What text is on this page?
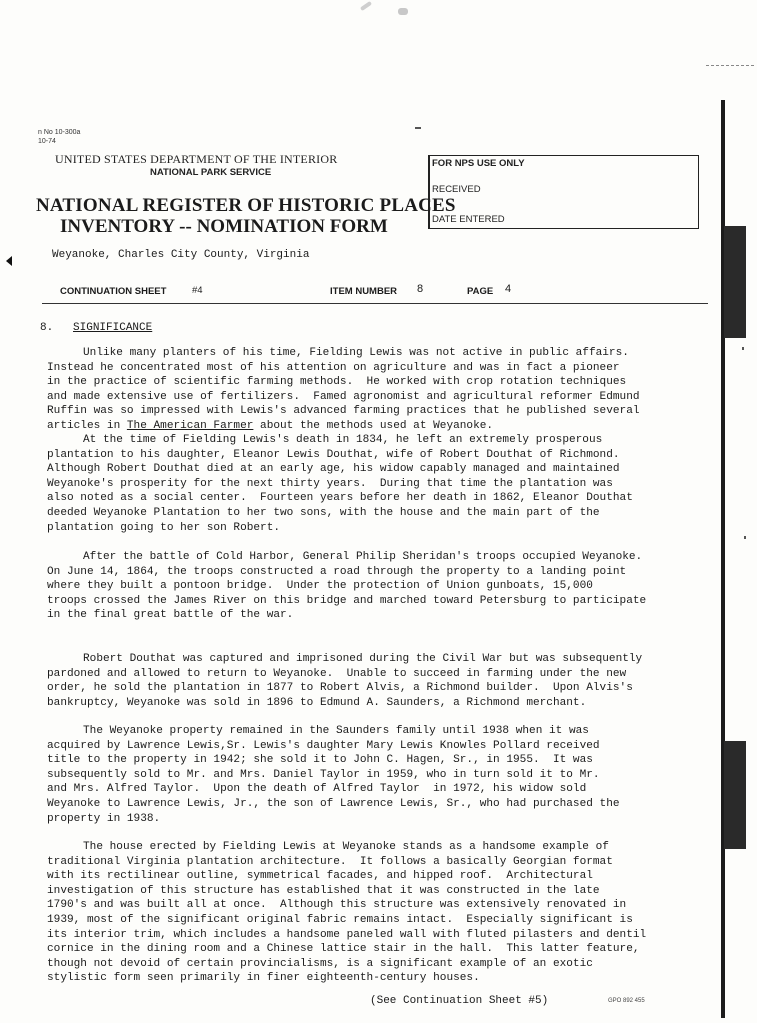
n No 10-300a
10-74
UNITED STATES DEPARTMENT OF THE INTERIOR
NATIONAL PARK SERVICE
NATIONAL REGISTER OF HISTORIC PLACES
INVENTORY -- NOMINATION FORM
FOR NPS USE ONLY
RECEIVED
DATE ENTERED
Weyanoke, Charles City County, Virginia
CONTINUATION SHEET	#4	ITEM NUMBER 8	PAGE 4
8. SIGNIFICANCE
Unlike many planters of his time, Fielding Lewis was not active in public affairs.
Instead he concentrated most of his attention on agriculture and was in fact a pioneer
in the practice of scientific farming methods.  He worked with crop rotation techniques
and made extensive use of fertilizers.  Famed agronomist and agricultural reformer Edmund
Ruffin was so impressed with Lewis's advanced farming practices that he published several
articles in The American Farmer about the methods used at Weyanoke.
At the time of Fielding Lewis's death in 1834, he left an extremely prosperous
plantation to his daughter, Eleanor Lewis Douthat, wife of Robert Douthat of Richmond.
Although Robert Douthat died at an early age, his widow capably managed and maintained
Weyanoke's prosperity for the next thirty years.  During that time the plantation was
also noted as a social center.  Fourteen years before her death in 1862, Eleanor Douthat
deeded Weyanoke Plantation to her two sons, with the house and the main part of the
plantation going to her son Robert.
After the battle of Cold Harbor, General Philip Sheridan's troops occupied Weyanoke.
On June 14, 1864, the troops constructed a road through the property to a landing point
where they built a pontoon bridge.  Under the protection of Union gunboats, 15,000
troops crossed the James River on this bridge and marched toward Petersburg to participate
in the final great battle of the war.
Robert Douthat was captured and imprisoned during the Civil War but was subsequently
pardoned and allowed to return to Weyanoke.  Unable to succeed in farming under the new
order, he sold the plantation in 1877 to Robert Alvis, a Richmond builder.  Upon Alvis's
bankruptcy, Weyanoke was sold in 1896 to Edmund A. Saunders, a Richmond merchant.
The Weyanoke property remained in the Saunders family until 1938 when it was
acquired by Lawrence Lewis,Sr. Lewis's daughter Mary Lewis Knowles Pollard received
title to the property in 1942; she sold it to John C. Hagen, Sr., in 1955.  It was
subsequently sold to Mr. and Mrs. Daniel Taylor in 1959, who in turn sold it to Mr.
and Mrs. Alfred Taylor.  Upon the death of Alfred Taylor  in 1972, his widow sold
Weyanoke to Lawrence Lewis, Jr., the son of Lawrence Lewis, Sr., who had purchased the
property in 1938.
The house erected by Fielding Lewis at Weyanoke stands as a handsome example of
traditional Virginia plantation architecture.  It follows a basically Georgian format
with its rectilinear outline, symmetrical facades, and hipped roof.  Architectural
investigation of this structure has established that it was constructed in the late
1790's and was built all at once.  Although this structure was extensively renovated in
1939, most of the significant original fabric remains intact.  Especially significant is
its interior trim, which includes a handsome paneled wall with fluted pilasters and dentil
cornice in the dining room and a Chinese lattice stair in the hall.  This latter feature,
though not devoid of certain provincialisms, is a significant example of an exotic
stylistic form seen primarily in finer eighteenth-century houses.
(See Continuation Sheet #5)	GPO 892 455
